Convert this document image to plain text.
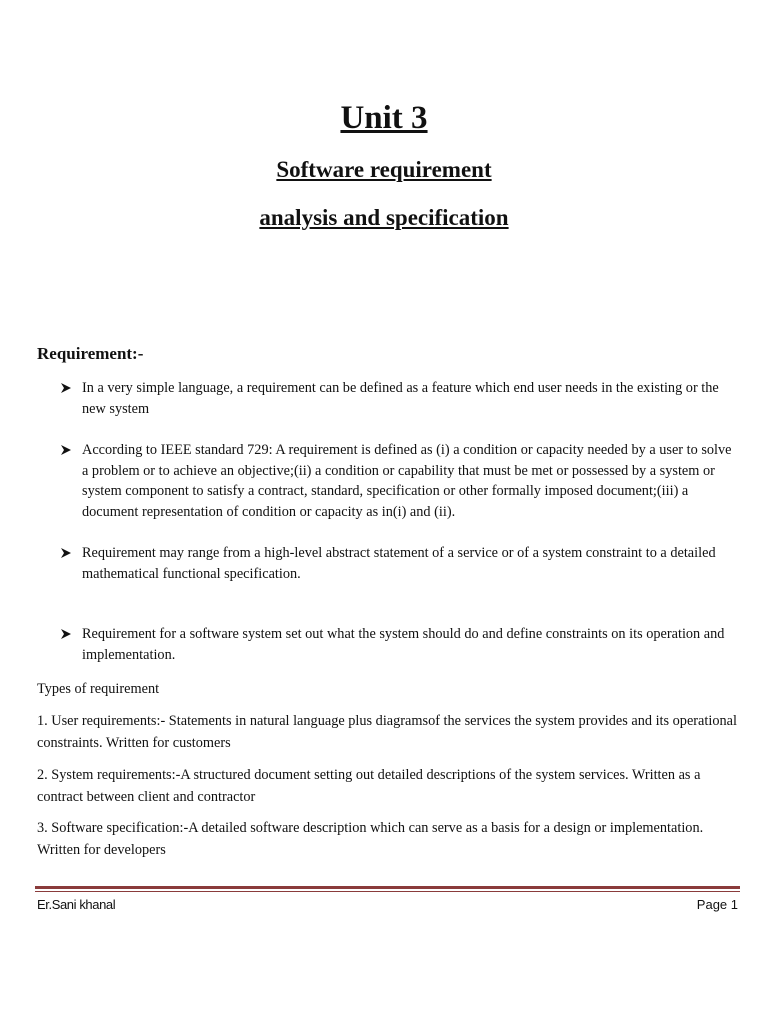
Unit 3
Software requirement
analysis and specification
Requirement:-
In a very simple language, a requirement can be defined as a feature which end user needs in the existing or the new system
According to IEEE standard 729: A requirement is defined as (i) a condition or capacity needed by a user to solve a problem or to achieve an objective;(ii) a condition or capability that must be met or possessed by a system or system component to satisfy a contract, standard, specification or other formally imposed document;(iii) a document representation of condition or capacity as in(i) and (ii).
Requirement may range from a high-level abstract statement of a service or of a system constraint to a detailed mathematical functional specification.
Requirement for a software system set out what the system should do and define constraints on its operation and implementation.
Types of requirement
1. User requirements:- Statements in natural language plus diagramsof the services the system provides and its operational constraints. Written for customers
2. System requirements:-A structured document setting out detailed descriptions of the system services. Written as a contract between client and contractor
3. Software specification:-A detailed software description which can serve as a basis for a design or implementation. Written for developers
Er.Sani khanal	Page 1
